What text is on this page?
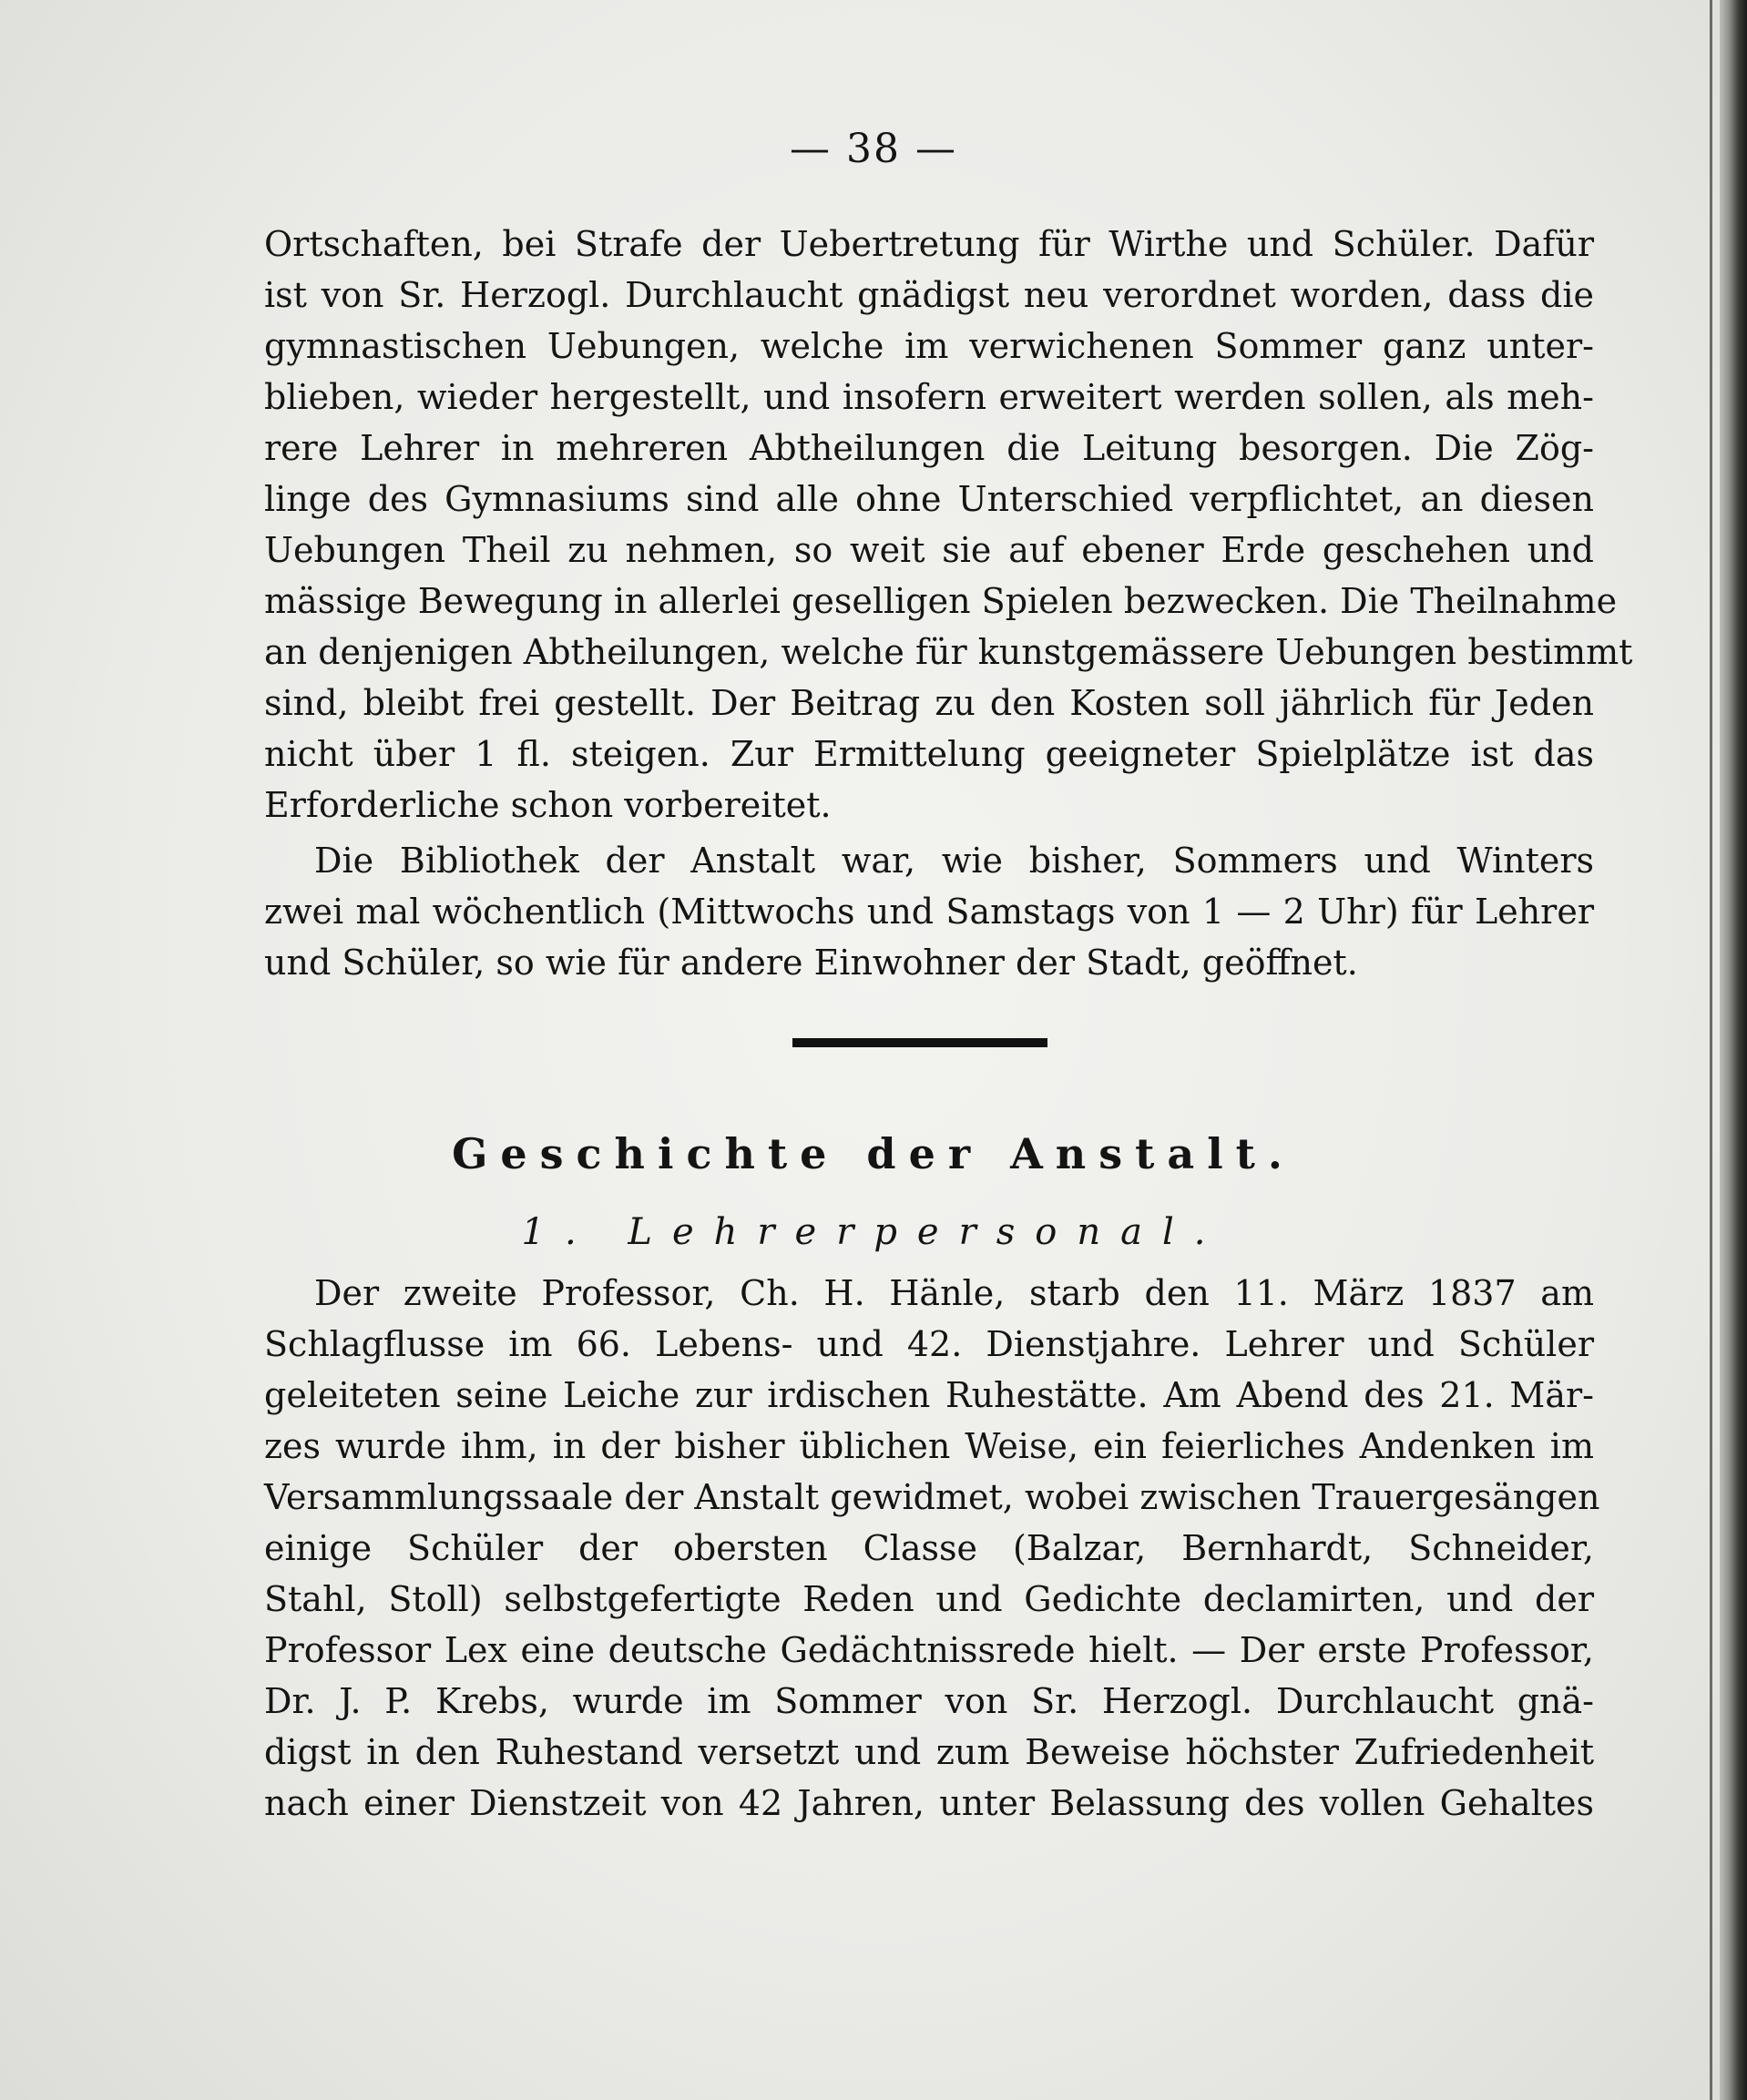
— 38 —
Ortschaften, bei Strafe der Uebertretung für Wirthe und Schüler. Dafür
ist von Sr. Herzogl. Durchlaucht gnädigst neu verordnet worden, dass die
gymnastischen Uebungen, welche im verwichenen Sommer ganz unter-
blieben, wieder hergestellt, und insofern erweitert werden sollen, als meh-
rere Lehrer in mehreren Abtheilungen die Leitung besorgen. Die Zög-
linge des Gymnasiums sind alle ohne Unterschied verpflichtet, an diesen
Uebungen Theil zu nehmen, so weit sie auf ebener Erde geschehen und
mässige Bewegung in allerlei geselligen Spielen bezwecken. Die Theilnahme
an denjenigen Abtheilungen, welche für kunstgemässere Uebungen bestimmt
sind, bleibt frei gestellt. Der Beitrag zu den Kosten soll jährlich für Jeden
nicht über 1 fl. steigen. Zur Ermittelung geeigneter Spielplätze ist das
Erforderliche schon vorbereitet.
Die Bibliothek der Anstalt war, wie bisher, Sommers und Winters
zwei mal wöchentlich (Mittwochs und Samstags von 1 — 2 Uhr) für Lehrer
und Schüler, so wie für andere Einwohner der Stadt, geöffnet.
Geschichte der Anstalt.
1. Lehrerpersonal.
Der zweite Professor, Ch. H. Hänle, starb den 11. März 1837 am
Schlagflusse im 66. Lebens- und 42. Dienstjahre. Lehrer und Schüler
geleiteten seine Leiche zur irdischen Ruhestätte. Am Abend des 21. Mär-
zes wurde ihm, in der bisher üblichen Weise, ein feierliches Andenken im
Versammlungssaale der Anstalt gewidmet, wobei zwischen Trauergesängen
einige Schüler der obersten Classe (Balzar, Bernhardt, Schneider,
Stahl, Stoll) selbstgefertigte Reden und Gedichte declamirten, und der
Professor Lex eine deutsche Gedächtnissrede hielt. — Der erste Professor,
Dr. J. P. Krebs, wurde im Sommer von Sr. Herzogl. Durchlaucht gnä-
digst in den Ruhestand versetzt und zum Beweise höchster Zufriedenheit
nach einer Dienstzeit von 42 Jahren, unter Belassung des vollen Gehaltes
